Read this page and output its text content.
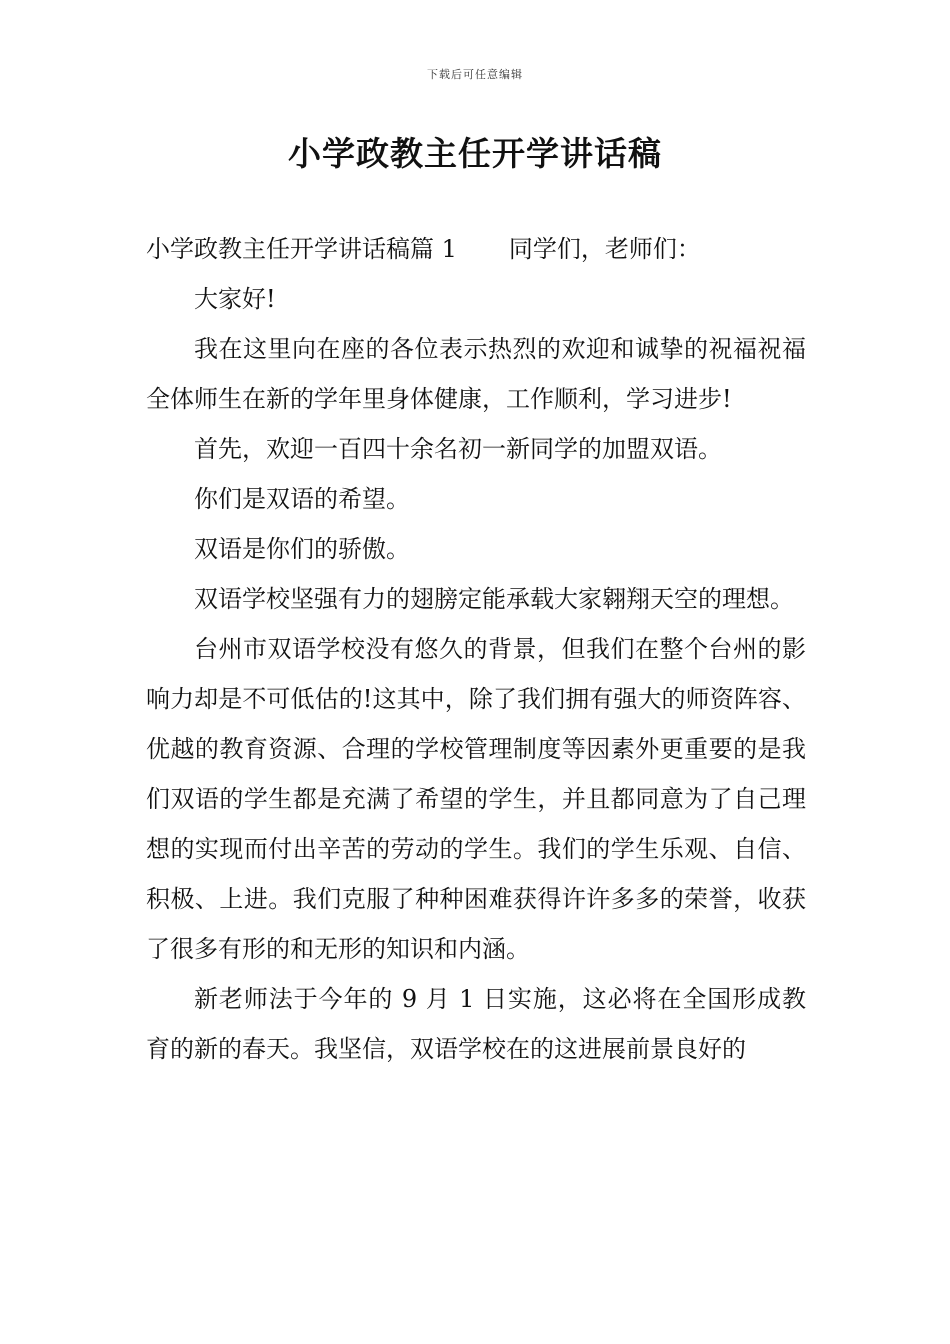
下载后可任意编辑
小学政教主任开学讲话稿

小学政教主任开学讲话稿篇 1 同学们，老师们：

大家好!

我在这里向在座的各位表示热烈的欢迎和诚挚的祝福祝福全体师生在新的学年里身体健康，工作顺利，学习进步!

首先，欢迎一百四十余名初一新同学的加盟双语。

你们是双语的希望。

双语是你们的骄傲。

双语学校坚强有力的翅膀定能承载大家翱翔天空的理想。

台州市双语学校没有悠久的背景，但我们在整个台州的影响力却是不可低估的!这其中，除了我们拥有强大的师资阵容、优越的教育资源、合理的学校管理制度等因素外更重要的是我们双语的学生都是充满了希望的学生，并且都同意为了自己理想的实现而付出辛苦的劳动的学生。我们的学生乐观、自信、积极、上进。我们克服了种种困难获得许许多多的荣誉，收获了很多有形的和无形的知识和内涵。

新老师法于今年的 9 月 1 日实施，这必将在全国形成教育的新的春天。我坚信，双语学校在的这进展前景良好的
